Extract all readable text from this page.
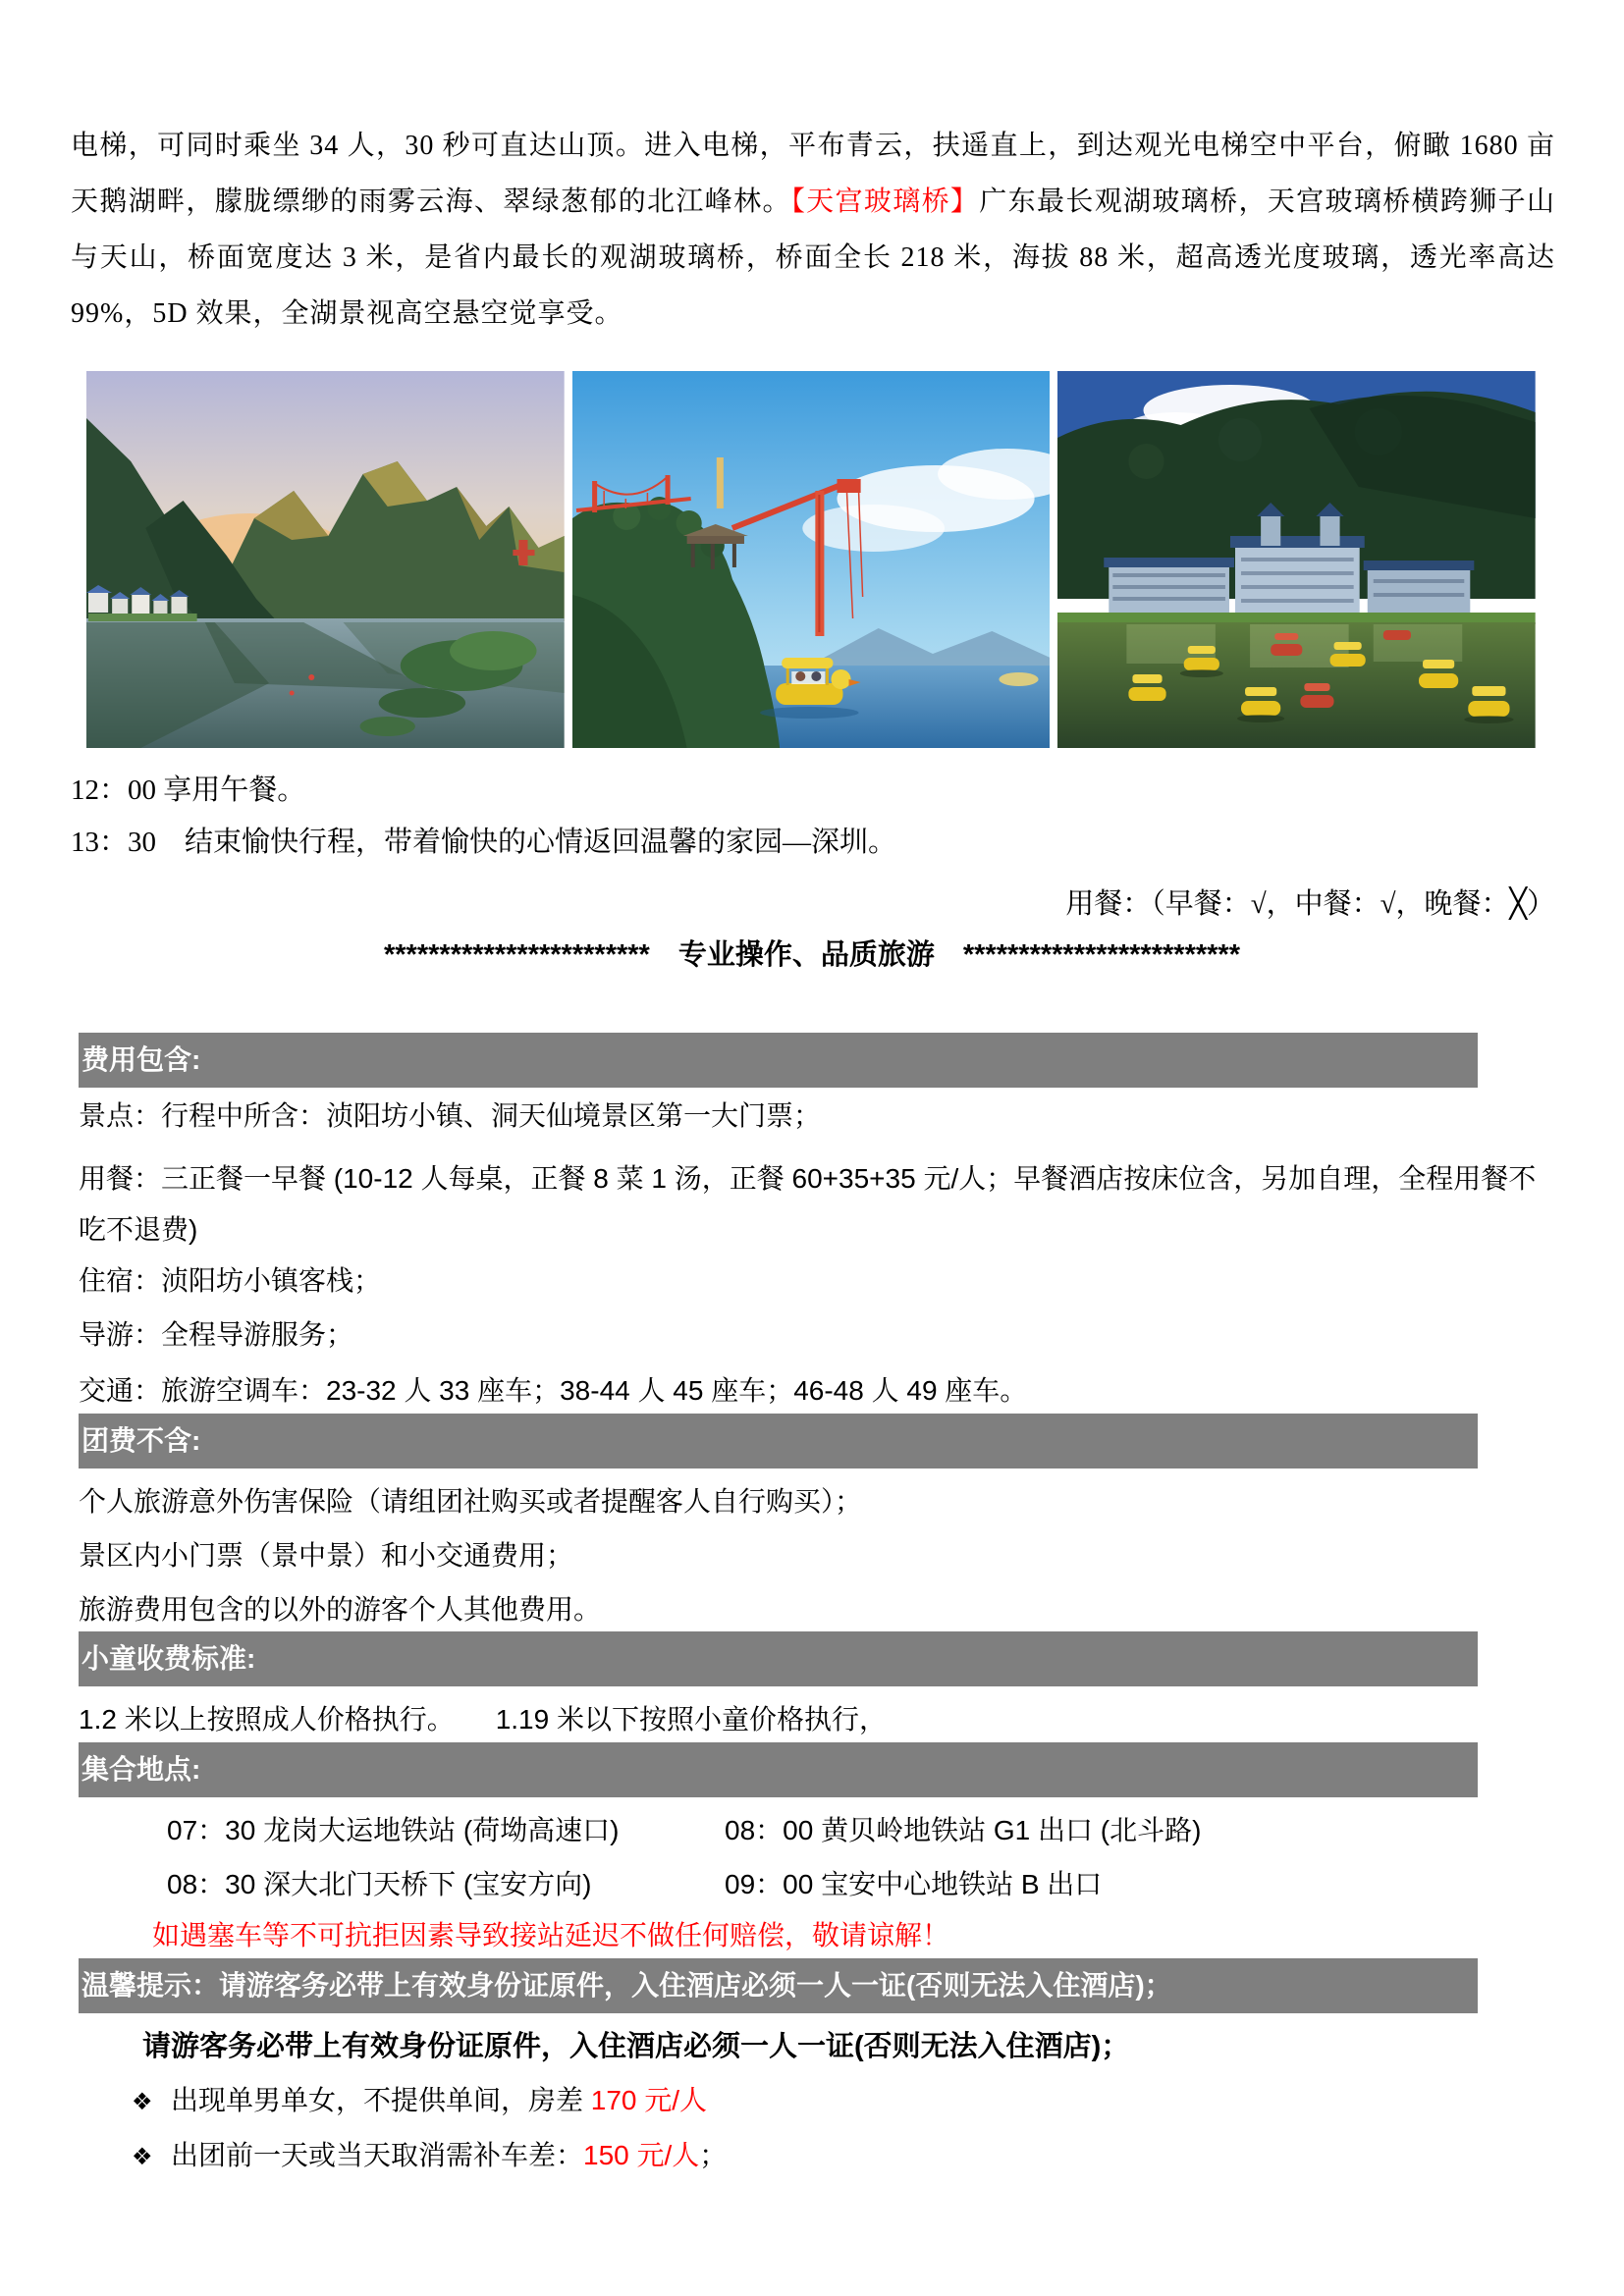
电梯，可同时乘坐 34 人，30 秒可直达山顶。进入电梯，平布青云，扶遥直上，到达观光电梯空中平台，俯瞰 1680 亩天鹅湖畔，朦胧缥缈的雨雾云海、翠绿葱郁的北江峰林。【天宫玻璃桥】广东最长观湖玻璃桥，天宫玻璃桥横跨狮子山与天山，桥面宽度达 3 米，是省内最长的观湖玻璃桥，桥面全长 218 米，海拔 88 米，超高透光度玻璃，透光率高达 99%，5D 效果，全湖景视高空悬空觉享受。
12：00 享用午餐。
13：30　结束愉快行程，带着愉快的心情返回温馨的家园—深圳。
用餐：（早餐：√，中餐：√，晚餐：╳）
************************　专业操作、品质旅游　*************************
费用包含:
景点：行程中所含：浈阳坊小镇、洞天仙境景区第一大门票；
用餐：三正餐一早餐 (10-12 人每桌，正餐 8 菜 1 汤，正餐 60+35+35 元/人；早餐酒店按床位含，另加自理，全程用餐不吃不退费)
住宿：浈阳坊小镇客栈；
导游：全程导游服务；
交通：旅游空调车：23-32 人 33 座车；38-44 人 45 座车；46-48 人 49 座车。
团费不含:
个人旅游意外伤害保险（请组团社购买或者提醒客人自行购买）；
景区内小门票（景中景）和小交通费用；
旅游费用包含的以外的游客个人其他费用。
小童收费标准:
1.2 米以上按照成人价格执行。　　1.19 米以下按照小童价格执行，
集合地点:
07：30 龙岗大运地铁站 (荷坳高速口)	08：00 黄贝岭地铁站 G1 出口 (北斗路)
08：30 深大北门天桥下 (宝安方向)	09：00 宝安中心地铁站 B 出口
如遇塞车等不可抗拒因素导致接站延迟不做任何赔偿，敬请谅解！
温馨提示：请游客务必带上有效身份证原件，入住酒店必须一人一证(否则无法入住酒店)；
请游客务必带上有效身份证原件，入住酒店必须一人一证(否则无法入住酒店)；
❖ 出现单男单女，不提供单间，房差 170 元/人
❖ 出团前一天或当天取消需补车差：150 元/人；
